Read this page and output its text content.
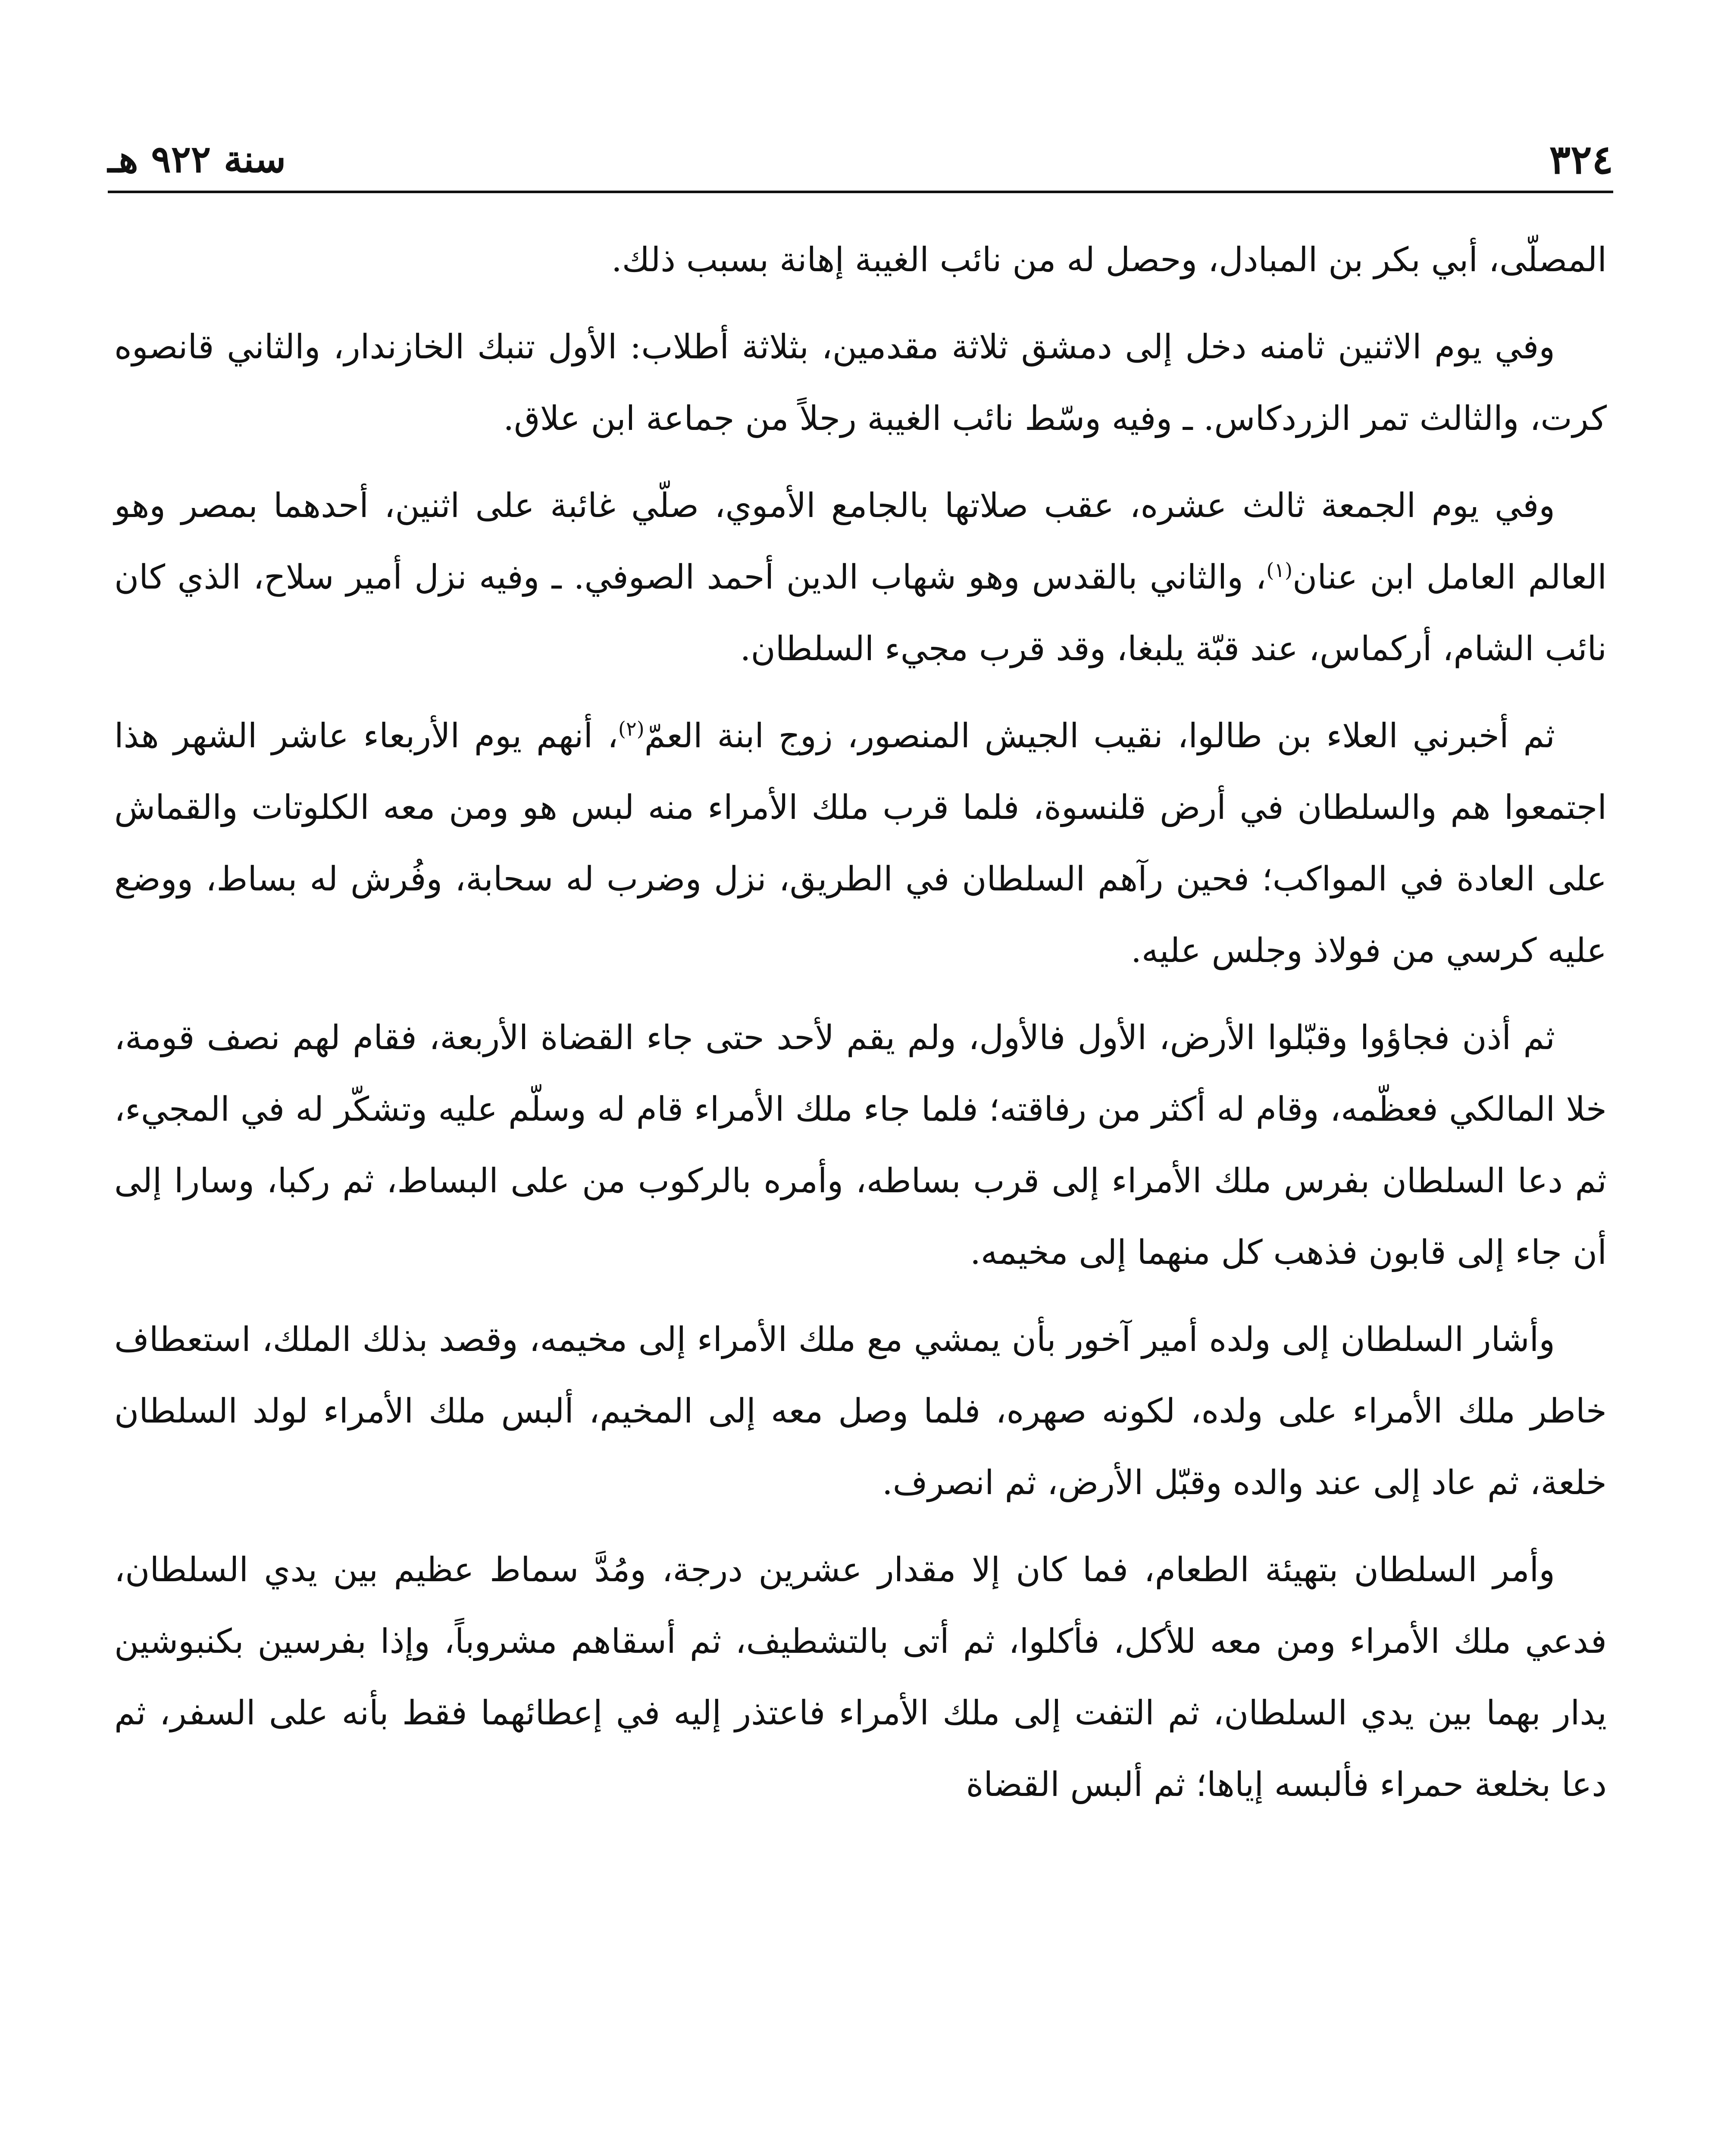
٣٢٤
سنة ٩٢٢ هـ

المصلّى، أبي بكر بن المبادل، وحصل له من نائب الغيبة إهانة بسبب ذلك.

وفي يوم الاثنين ثامنه دخل إلى دمشق ثلاثة مقدمين، بثلاثة أطلاب: الأول تنبك الخازندار، والثاني قانصوه كرت، والثالث تمر الزردكاس. ـ وفيه وسّط نائب الغيبة رجلاً من جماعة ابن علاق.

وفي يوم الجمعة ثالث عشره، عقب صلاتها بالجامع الأموي، صلّي غائبة على اثنين، أحدهما بمصر وهو العالم العامل ابن عنان$^{(١)}$، والثاني بالقدس وهو شهاب الدين أحمد الصوفي. ـ وفيه نزل أمير سلاح، الذي كان نائب الشام، أركماس، عند قبّة يلبغا، وقد قرب مجيء السلطان.

ثم أخبرني العلاء بن طالوا، نقيب الجيش المنصور، زوج ابنة العمّ$^{(٢)}$، أنهم يوم الأربعاء عاشر الشهر هذا اجتمعوا هم والسلطان في أرض قلنسوة، فلما قرب ملك الأمراء منه لبس هو ومن معه الكلوتات والقماش على العادة في المواكب؛ فحين رآهم السلطان في الطريق، نزل وضرب له سحابة، وفُرش له بساط، ووضع عليه كرسي من فولاذ وجلس عليه.

ثم أذن فجاؤوا وقبّلوا الأرض، الأول فالأول، ولم يقم لأحد حتى جاء القضاة الأربعة، فقام لهم نصف قومة، خلا المالكي فعظّمه، وقام له أكثر من رفاقته؛ فلما جاء ملك الأمراء قام له وسلّم عليه وتشكّر له في المجيء، ثم دعا السلطان بفرس ملك الأمراء إلى قرب بساطه، وأمره بالركوب من على البساط، ثم ركبا، وسارا إلى أن جاء إلى قابون فذهب كل منهما إلى مخيمه.

وأشار السلطان إلى ولده أمير آخور بأن يمشي مع ملك الأمراء إلى مخيمه، وقصد بذلك الملك، استعطاف خاطر ملك الأمراء على ولده، لكونه صهره، فلما وصل معه إلى المخيم، ألبس ملك الأمراء لولد السلطان خلعة، ثم عاد إلى عند والده وقبّل الأرض، ثم انصرف.

وأمر السلطان بتهيئة الطعام، فما كان إلا مقدار عشرين درجة، ومُدَّ سماط عظيم بين يدي السلطان، فدعي ملك الأمراء ومن معه للأكل، فأكلوا، ثم أتى بالتشطيف، ثم أسقاهم مشروباً، وإذا بفرسين بكنبوشين يدار بهما بين يدي السلطان، ثم التفت إلى ملك الأمراء فاعتذر إليه في إعطائهما فقط بأنه على السفر، ثم دعا بخلعة حمراء فألبسه إياها؛ ثم ألبس القضاة
